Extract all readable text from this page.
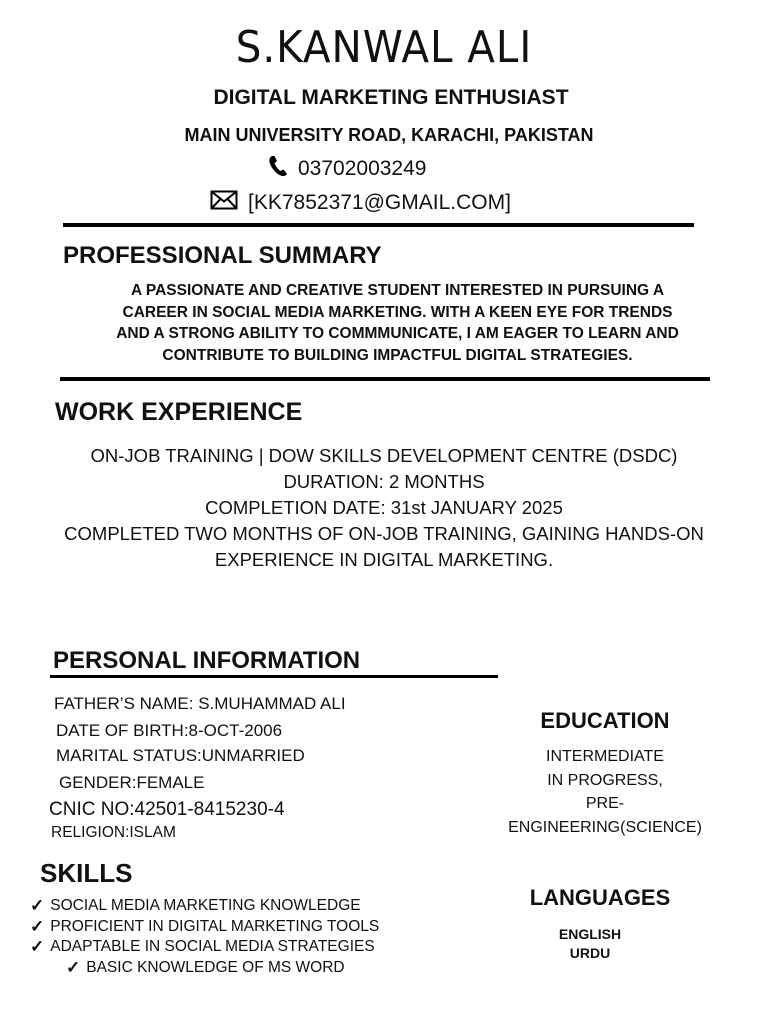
S.KANWAL ALI
DIGITAL MARKETING ENTHUSIAST
MAIN UNIVERSITY ROAD, KARACHI, PAKISTAN
03702003249
[KK7852371@GMAIL.COM]
PROFESSIONAL SUMMARY
A PASSIONATE AND CREATIVE STUDENT INTERESTED IN PURSUING A
CAREER IN SOCIAL MEDIA MARKETING. WITH A KEEN EYE FOR TRENDS
AND A STRONG ABILITY TO COMMMUNICATE, I AM EAGER TO LEARN AND
CONTRIBUTE TO BUILDING IMPACTFUL DIGITAL STRATEGIES.
WORK EXPERIENCE
ON-JOB TRAINING | DOW SKILLS DEVELOPMENT CENTRE (DSDC)
DURATION: 2 MONTHS
COMPLETION DATE: 31st JANUARY 2025
COMPLETED TWO MONTHS OF ON-JOB TRAINING, GAINING HANDS-ON
EXPERIENCE IN DIGITAL MARKETING.
PERSONAL INFORMATION
FATHER’S NAME: S.MUHAMMAD ALI
DATE OF BIRTH:8-OCT-2006
MARITAL STATUS:UNMARRIED
GENDER:FEMALE
CNIC NO:42501-8415230-4
RELIGION:ISLAM
EDUCATION
INTERMEDIATE
IN PROGRESS,
PRE-
ENGINEERING(SCIENCE)
SKILLS
✓ SOCIAL MEDIA MARKETING KNOWLEDGE
✓ PROFICIENT IN DIGITAL MARKETING TOOLS
✓ ADAPTABLE IN SOCIAL MEDIA STRATEGIES
✓ BASIC KNOWLEDGE OF MS WORD
LANGUAGES
ENGLISH
URDU
